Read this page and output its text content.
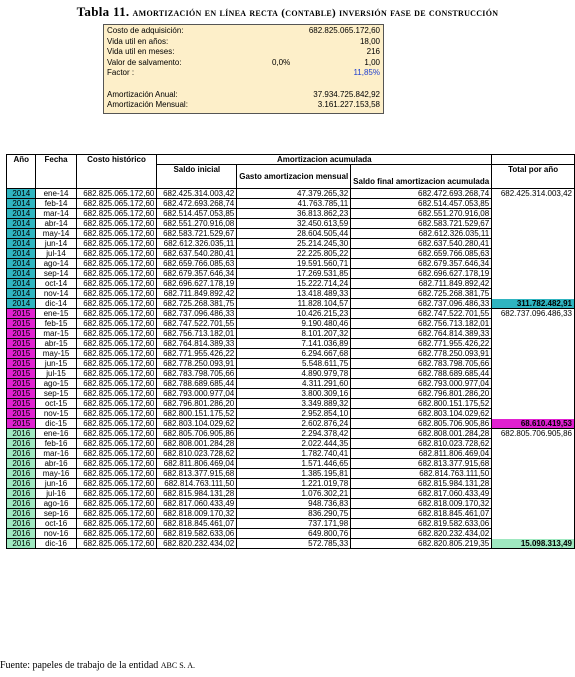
Tabla 11. amortización en línea recta (contable) inversión fase de construcción
Costo de adquisición:	682.825.065.172,60
Vida util en años:	18,00
Vida util en meses:	216
Valor de salvamento:	0,0%	1,00
Factor :	11,85%
Amortización Anual:	37.934.725.842,92
Amortización Mensual:	3.161.227.153,58
Año	Fecha	Costo histórico	Amortizacion acumulada			
			Saldo inicial	Gasto amortizacion mensual	Saldo final amortizacion acumulada	Total por año
2014	ene-14	682.825.065.172,60	682.425.314.003,42	47.379.265,32	682.472.693.268,74	682.425.314.003,42
2014	feb-14	682.825.065.172,60	682.472.693.268,74	41.763.785,11	682.514.457.053,85	
2014	mar-14	682.825.065.172,60	682.514.457.053,85	36.813.862,23	682.551.270.916,08	
2014	abr-14	682.825.065.172,60	682.551.270.916,08	32.450.613,59	682.583.721.529,67	
2014	may-14	682.825.065.172,60	682.583.721.529,67	28.604.505,44	682.612.326.035,11	
2014	jun-14	682.825.065.172,60	682.612.326.035,11	25.214.245,30	682.637.540.280,41	
2014	jul-14	682.825.065.172,60	682.637.540.280,41	22.225.805,22	682.659.766.085,63	
2014	ago-14	682.825.065.172,60	682.659.766.085,63	19.591.560,71	682.679.357.646,34	
2014	sep-14	682.825.065.172,60	682.679.357.646,34	17.269.531,85	682.696.627.178,19	
2014	oct-14	682.825.065.172,60	682.696.627.178,19	15.222.714,24	682.711.849.892,42	
2014	nov-14	682.825.065.172,60	682.711.849.892,42	13.418.489,33	682.725.268.381,75	
2014	dic-14	682.825.065.172,60	682.725.268.381,75	11.828.104,57	682.737.096.486,33	311.782.482,91
2015	ene-15	682.825.065.172,60	682.737.096.486,33	10.426.215,23	682.747.522.701,55	682.737.096.486,33
2015	feb-15	682.825.065.172,60	682.747.522.701,55	9.190.480,46	682.756.713.182,01	
2015	mar-15	682.825.065.172,60	682.756.713.182,01	8.101.207,32	682.764.814.389,33	
2015	abr-15	682.825.065.172,60	682.764.814.389,33	7.141.036,89	682.771.955.426,22	
2015	may-15	682.825.065.172,60	682.771.955.426,22	6.294.667,68	682.778.250.093,91	
2015	jun-15	682.825.065.172,60	682.778.250.093,91	5.548.611,75	682.783.798.705,66	
2015	jul-15	682.825.065.172,60	682.783.798.705,66	4.890.979,78	682.788.689.685,44	
2015	ago-15	682.825.065.172,60	682.788.689.685,44	4.311.291,60	682.793.000.977,04	
2015	sep-15	682.825.065.172,60	682.793.000.977,04	3.800.309,16	682.796.801.286,20	
2015	oct-15	682.825.065.172,60	682.796.801.286,20	3.349.889,32	682.800.151.175,52	
2015	nov-15	682.825.065.172,60	682.800.151.175,52	2.952.854,10	682.803.104.029,62	
2015	dic-15	682.825.065.172,60	682.803.104.029,62	2.602.876,24	682.805.706.905,86	68.610.419,53
2016	ene-16	682.825.065.172,60	682.805.706.905,86	2.294.378,42	682.808.001.284,28	682.805.706.905,86
2016	feb-16	682.825.065.172,60	682.808.001.284,28	2.022.444,35	682.810.023.728,62	
2016	mar-16	682.825.065.172,60	682.810.023.728,62	1.782.740,41	682.811.806.469,04	
2016	abr-16	682.825.065.172,60	682.811.806.469,04	1.571.446,65	682.813.377.915,68	
2016	may-16	682.825.065.172,60	682.813.377.915,68	1.385.195,81	682.814.763.111,50	
2016	jun-16	682.825.065.172,60	682.814.763.111,50	1.221.019,78	682.815.984.131,28	
2016	jul-16	682.825.065.172,60	682.815.984.131,28	1.076.302,21	682.817.060.433,49	
2016	ago-16	682.825.065.172,60	682.817.060.433,49	948.736,83	682.818.009.170,32	
2016	sep-16	682.825.065.172,60	682.818.009.170,32	836.290,75	682.818.845.461,07	
2016	oct-16	682.825.065.172,60	682.818.845.461,07	737.171,98	682.819.582.633,06	
2016	nov-16	682.825.065.172,60	682.819.582.633,06	649.800,76	682.820.232.434,02	
2016	dic-16	682.825.065.172,60	682.820.232.434,02	572.785,33	682.820.805.219,35	15.098.313,49
Fuente: papeles de trabajo de la entidad ABC S. A.
